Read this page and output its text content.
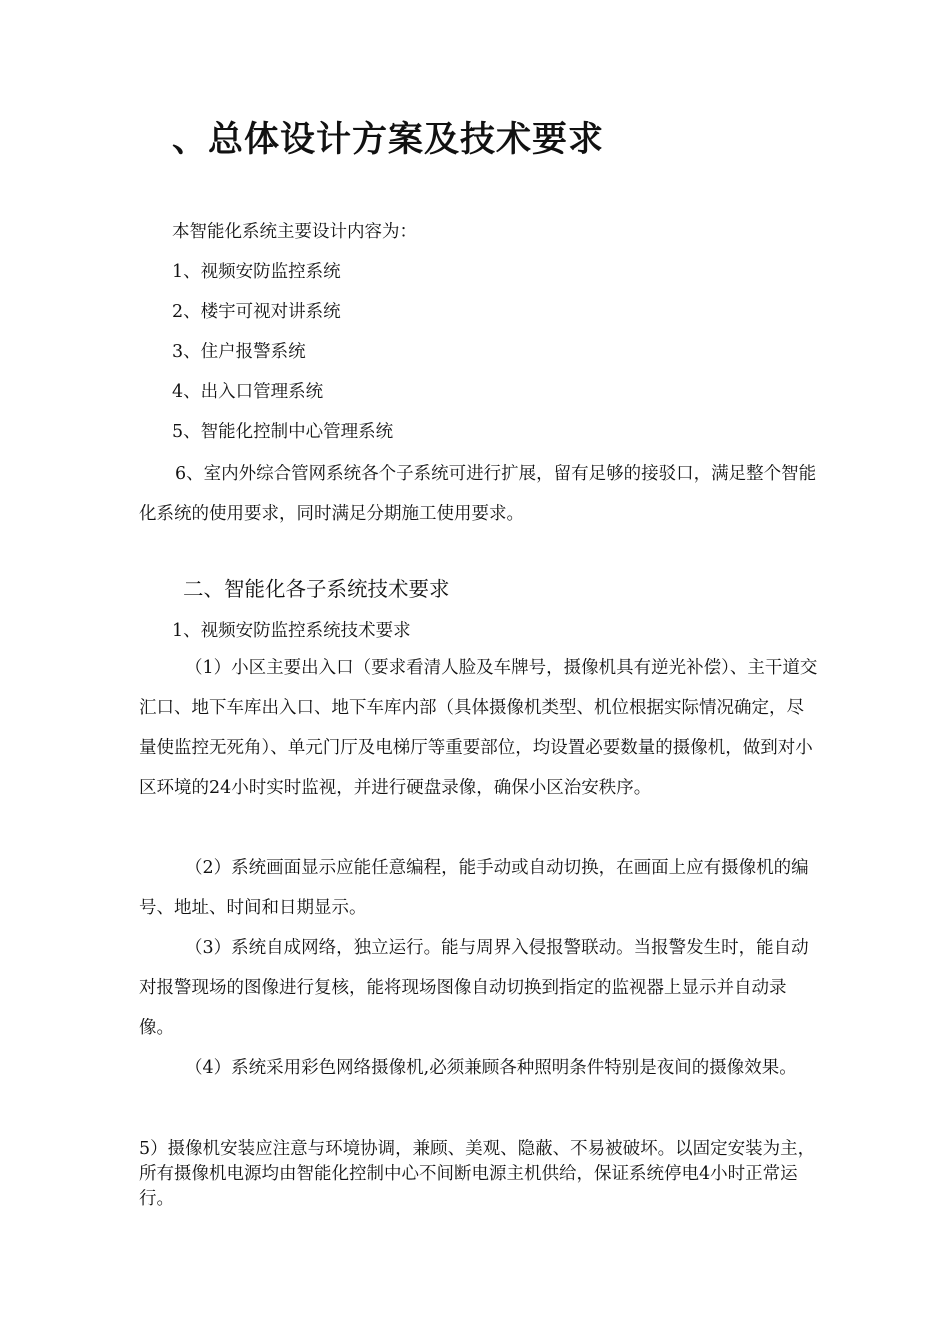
、总体设计方案及技术要求

本智能化系统主要设计内容为：

1、视频安防监控系统

2、楼宇可视对讲系统

3、住户报警系统

4、出入口管理系统

5、智能化控制中心管理系统

6、室内外综合管网系统各个子系统可进行扩展，留有足够的接驳口，满足整个智能化系统的使用要求，同时满足分期施工使用要求。

二、智能化各子系统技术要求

1、视频安防监控系统技术要求

（1）小区主要出入口（要求看清人脸及车牌号，摄像机具有逆光补偿）、主干道交汇口、地下车库出入口、地下车库内部（具体摄像机类型、机位根据实际情况确定，尽量使监控无死角）、单元门厅及电梯厅等重要部位，均设置必要数量的摄像机，做到对小区环境的24小时实时监视，并进行硬盘录像，确保小区治安秩序。

（2）系统画面显示应能任意编程，能手动或自动切换，在画面上应有摄像机的编号、地址、时间和日期显示。

（3）系统自成网络，独立运行。能与周界入侵报警联动。当报警发生时，能自动对报警现场的图像进行复核，能将现场图像自动切换到指定的监视器上显示并自动录像。

（4）系统采用彩色网络摄像机,必须兼顾各种照明条件特别是夜间的摄像效果。

5）摄像机安装应注意与环境协调，兼顾、美观、隐蔽、不易被破坏。以固定安装为主，所有摄像机电源均由智能化控制中心不间断电源主机供给，保证系统停电4小时正常运行。
